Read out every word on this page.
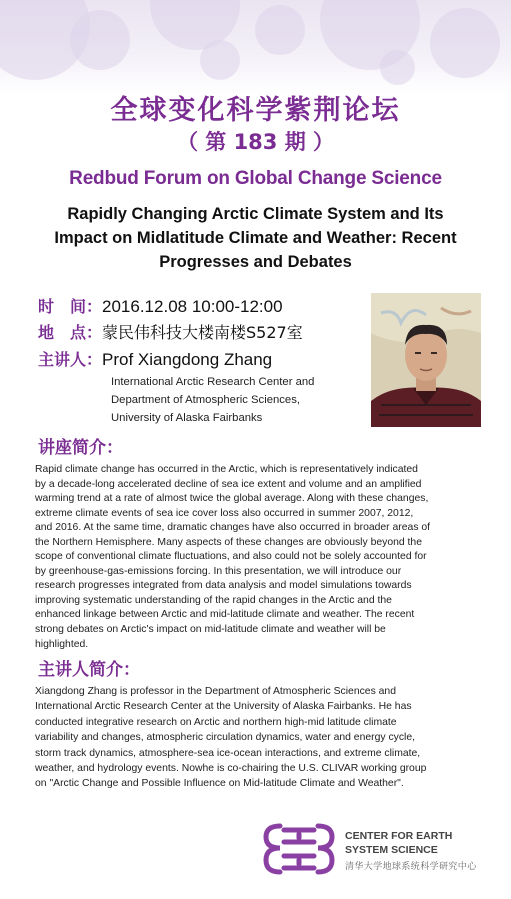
全球变化科学紫荆论坛
（ 第 183 期 ）
Redbud Forum on Global Change Science
Rapidly Changing Arctic Climate System and Its
Impact on Midlatitude Climate and Weather: Recent
Progresses and Debates
时　间：2016.12.08 10:00-12:00
地　点：蒙民伟科技大楼南楼S527室
主讲人：Prof Xiangdong Zhang
International Arctic Research Center and
Department of Atmospheric Sciences,
University of Alaska Fairbanks
讲座简介：
Rapid climate change has occurred in the Arctic, which is representatively indicated
by a decade-long accelerated decline of sea ice extent and volume and an amplified
warming trend at a rate of almost twice the global average. Along with these changes,
extreme climate events of sea ice cover loss also occurred in summer 2007, 2012,
and 2016. At the same time, dramatic changes have also occurred in broader areas of
the Northern Hemisphere. Many aspects of these changes are obviously beyond the
scope of conventional climate fluctuations, and also could not be solely accounted for
by greenhouse-gas-emissions forcing. In this presentation, we will introduce our
research progresses integrated from data analysis and model simulations towards
improving systematic understanding of the rapid changes in the Arctic and the
enhanced linkage between Arctic and mid-latitude climate and weather. The recent
strong debates on Arctic's impact on mid-latitude climate and weather will be
highlighted.
主讲人简介：
Xiangdong Zhang is professor in the Department of Atmospheric Sciences and
International Arctic Research Center at the University of Alaska Fairbanks. He has
conducted integrative research on Arctic and northern high-mid latitude climate
variability and changes, atmospheric circulation dynamics, water and energy cycle,
storm track dynamics, atmosphere-sea ice-ocean interactions, and extreme climate,
weather, and hydrology events. Nowhe is co-chairing the U.S. CLIVAR working group
on "Arctic Change and Possible Influence on Mid-latitude Climate and Weather".
CENTER FOR EARTH
SYSTEM SCIENCE
清华大学地球系统科学研究中心
